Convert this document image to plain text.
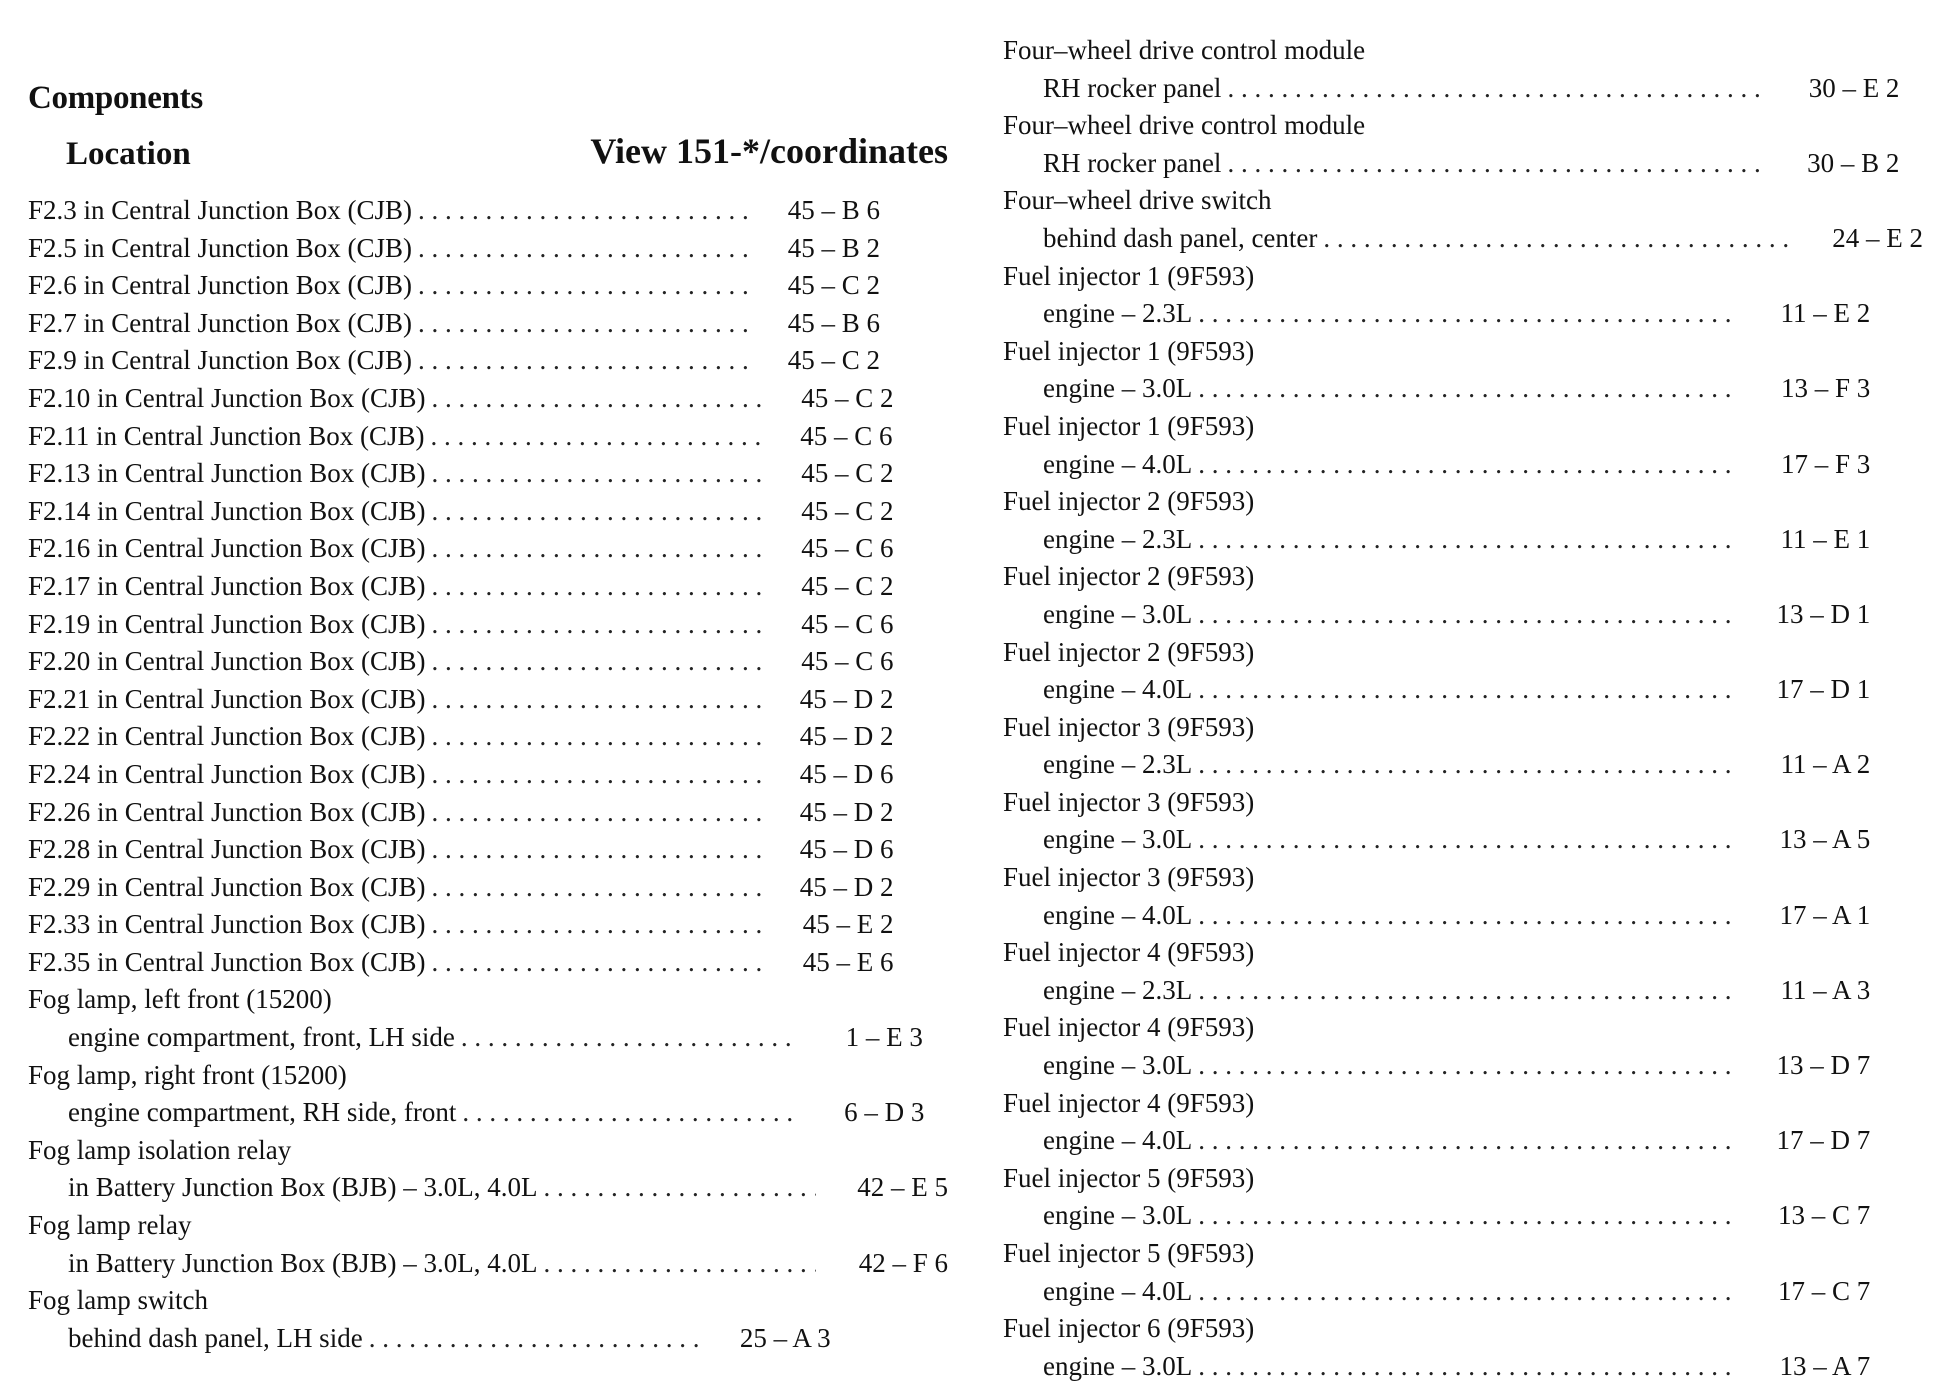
Components
Location	View 151-*/coordinates
F2.3 in Central Junction Box (CJB) . . .	45 – B 6
F2.5 in Central Junction Box (CJB) . . .	45 – B 2
F2.6 in Central Junction Box (CJB) . . .	45 – C 2
F2.7 in Central Junction Box (CJB) . . .	45 – B 6
F2.9 in Central Junction Box (CJB) . . .	45 – C 2
F2.10 in Central Junction Box (CJB) . . .	45 – C 2
F2.11 in Central Junction Box (CJB) . . .	45 – C 6
F2.13 in Central Junction Box (CJB) . . .	45 – C 2
F2.14 in Central Junction Box (CJB) . . .	45 – C 2
F2.16 in Central Junction Box (CJB) . . .	45 – C 6
F2.17 in Central Junction Box (CJB) . . .	45 – C 2
F2.19 in Central Junction Box (CJB) . . .	45 – C 6
F2.20 in Central Junction Box (CJB) . . .	45 – C 6
F2.21 in Central Junction Box (CJB) . . .	45 – D 2
F2.22 in Central Junction Box (CJB) . . .	45 – D 2
F2.24 in Central Junction Box (CJB) . . .	45 – D 6
F2.26 in Central Junction Box (CJB) . . .	45 – D 2
F2.28 in Central Junction Box (CJB) . . .	45 – D 6
F2.29 in Central Junction Box (CJB) . . .	45 – D 2
F2.33 in Central Junction Box (CJB) . . .	45 – E 2
F2.35 in Central Junction Box (CJB) . . .	45 – E 6
Fog lamp, left front (15200)
engine compartment, front, LH side . . .	1 – E 3
Fog lamp, right front (15200)
engine compartment, RH side, front . . .	6 – D 3
Fog lamp isolation relay
in Battery Junction Box (BJB) – 3.0L, 4.0L . . .	42 – E 5
Fog lamp relay
in Battery Junction Box (BJB) – 3.0L, 4.0L . . .	42 – F 6
Fog lamp switch
behind dash panel, LH side . . .	25 – A 3
Four–wheel drive control module
RH rocker panel . . .	30 – E 2
Four–wheel drive control module
RH rocker panel . . .	30 – B 2
Four–wheel drive switch
behind dash panel, center . . .	24 – E 2
Fuel injector 1 (9F593)
engine – 2.3L . . .	11 – E 2
Fuel injector 1 (9F593)
engine – 3.0L . . .	13 – F 3
Fuel injector 1 (9F593)
engine – 4.0L . . .	17 – F 3
Fuel injector 2 (9F593)
engine – 2.3L . . .	11 – E 1
Fuel injector 2 (9F593)
engine – 3.0L . . .	13 – D 1
Fuel injector 2 (9F593)
engine – 4.0L . . .	17 – D 1
Fuel injector 3 (9F593)
engine – 2.3L . . .	11 – A 2
Fuel injector 3 (9F593)
engine – 3.0L . . .	13 – A 5
Fuel injector 3 (9F593)
engine – 4.0L . . .	17 – A 1
Fuel injector 4 (9F593)
engine – 2.3L . . .	11 – A 3
Fuel injector 4 (9F593)
engine – 3.0L . . .	13 – D 7
Fuel injector 4 (9F593)
engine – 4.0L . . .	17 – D 7
Fuel injector 5 (9F593)
engine – 3.0L . . .	13 – C 7
Fuel injector 5 (9F593)
engine – 4.0L . . .	17 – C 7
Fuel injector 6 (9F593)
engine – 3.0L . . .	13 – A 7
